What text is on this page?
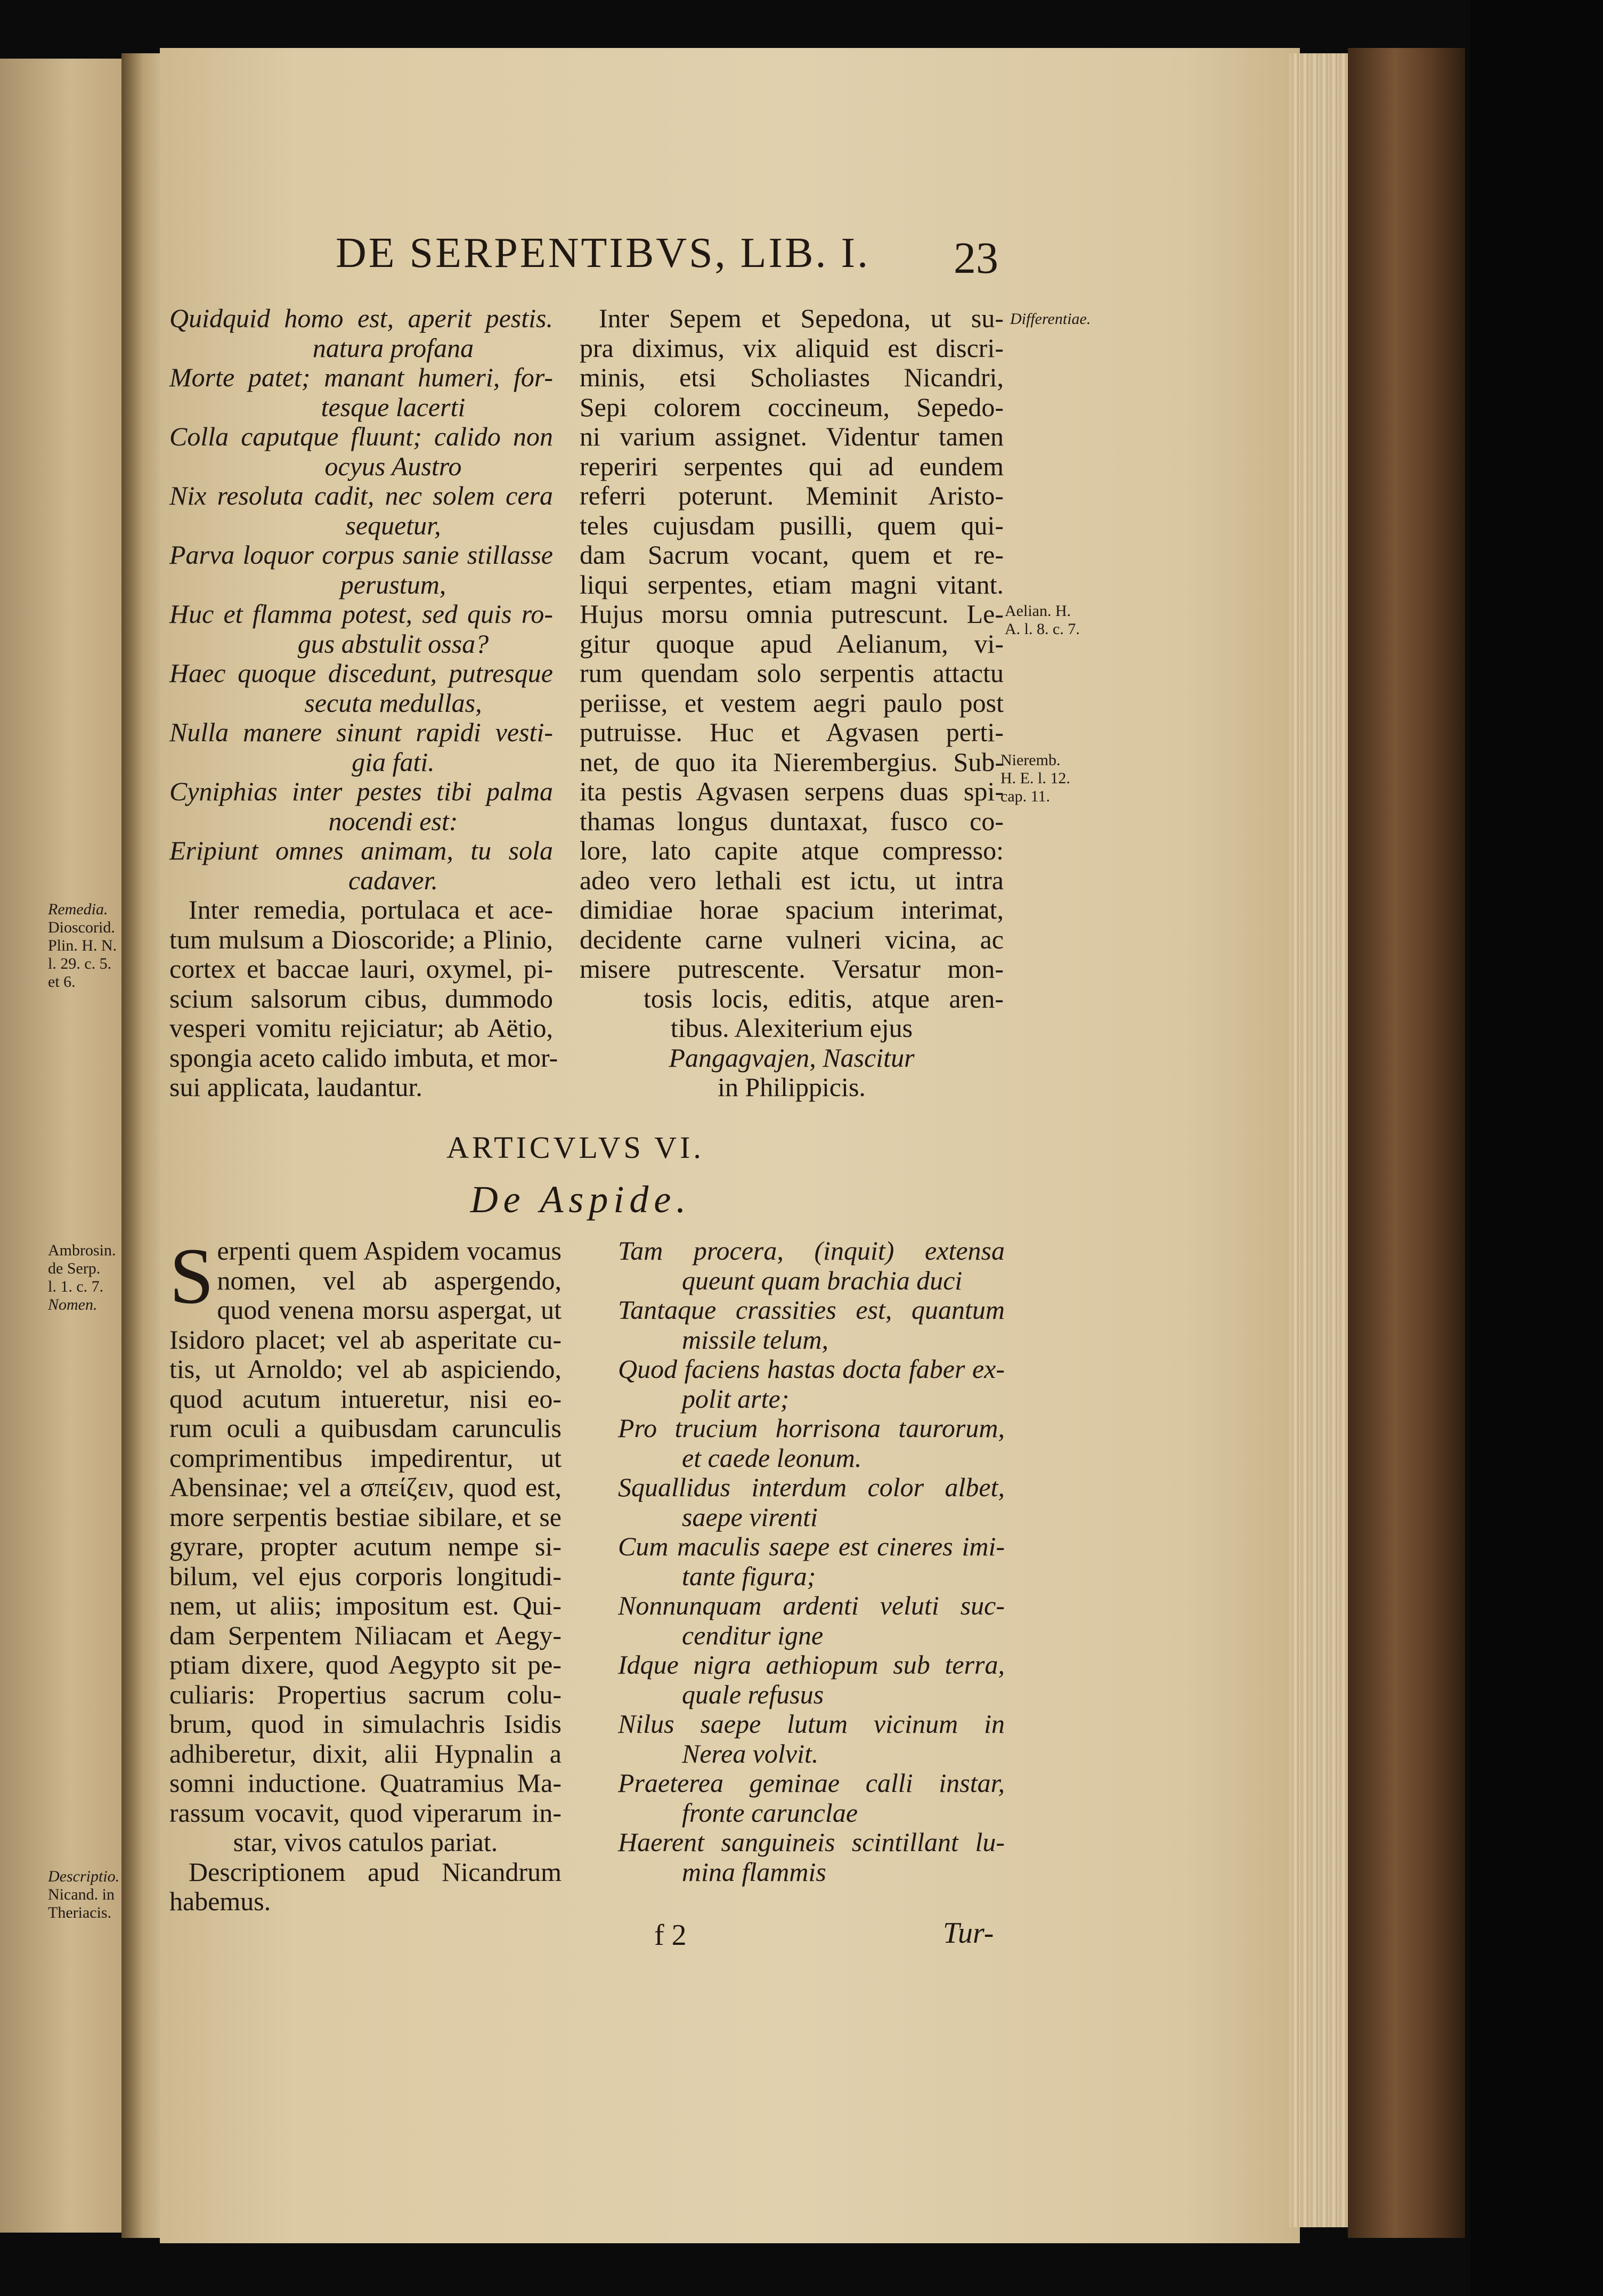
DE SERPENTIBVS, LIB. I. 23
Quidquid homo est, aperit pestis.
natura profana
Morte patet; manant humeri, for-
tesque lacerti
Colla caputque fluunt; calido non
ocyus Austro
Nix resoluta cadit, nec solem cera
sequetur,
Parva loquor corpus sanie stillasse
perustum,
Huc et flamma potest, sed quis ro-
gus abstulit ossa?
Haec quoque discedunt, putresque
secuta medullas,
Nulla manere sinunt rapidi vesti-
gia fati.
Cyniphias inter pestes tibi palma
nocendi est:
Eripiunt omnes animam, tu sola
cadaver.
Inter remedia, portulaca et ace-
tum mulsum a Dioscoride; a Plinio,
cortex et baccae lauri, oxymel, pi-
scium salsorum cibus, dummodo
vesperi vomitu rejiciatur; ab Aëtio,
spongia aceto calido imbuta, et mor-
sui applicata, laudantur.
Inter Sepem et Sepedona, ut su-
pra diximus, vix aliquid est discri-
minis, etsi Scholiastes Nicandri,
Sepi colorem coccineum, Sepedo-
ni varium assignet. Videntur tamen
reperiri serpentes qui ad eundem
referri poterunt. Meminit Aristo-
teles cujusdam pusilli, quem qui-
dam Sacrum vocant, quem et re-
liqui serpentes, etiam magni vitant.
Hujus morsu omnia putrescunt. Le-
gitur quoque apud Aelianum, vi-
rum quendam solo serpentis attactu
periisse, et vestem aegri paulo post
putruisse. Huc et Agvasen perti-
net, de quo ita Nierembergius. Sub-
ita pestis Agvasen serpens duas spi-
thamas longus duntaxat, fusco co-
lore, lato capite atque compresso:
adeo vero lethali est ictu, ut intra
dimidiae horae spacium interimat,
decidente carne vulneri vicina, ac
misere putrescente. Versatur mon-
tosis locis, editis, atque aren-
tibus. Alexiterium ejus
Pangagvajen, Nascitur
in Philippicis.
ARTICVLVS VI.
De Aspide.
S erpenti quem Aspidem vocamus
nomen, vel ab aspergendo,
quod venena morsu aspergat, ut
Isidoro placet; vel ab asperitate cu-
tis, ut Arnoldo; vel ab aspiciendo,
quod acutum intueretur, nisi eo-
rum oculi a quibusdam carunculis
comprimentibus impedirentur, ut
Abensinae; vel a σπείζειν, quod est,
more serpentis bestiae sibilare, et se
gyrare, propter acutum nempe si-
bilum, vel ejus corporis longitudi-
nem, ut aliis; impositum est. Qui-
dam Serpentem Niliacam et Aegy-
ptiam dixere, quod Aegypto sit pe-
culiaris: Propertius sacrum colu-
brum, quod in simulachris Isidis
adhiberetur, dixit, alii Hypnalin a
somni inductione. Quatramius Ma-
rassum vocavit, quod viperarum in-
star, vivos catulos pariat.
Descriptionem apud Nicandrum
habemus.
Tam procera, (inquit) extensa
queunt quam brachia duci
Tantaque crassities est, quantum
missile telum,
Quod faciens hastas docta faber ex-
polit arte;
Pro trucium horrisona taurorum,
et caede leonum.
Squallidus interdum color albet,
saepe virenti
Cum maculis saepe est cineres imi-
tante figura;
Nonnunquam ardenti veluti suc-
cenditur igne
Idque nigra aethiopum sub terra,
quale refusus
Nilus saepe lutum vicinum in
Nerea volvit.
Praeterea geminae calli instar,
fronte carunclae
Haerent sanguineis scintillant lu-
mina flammis
f 2	Tur-
Differentiae.
Aelian. H.
A. l. 8. c. 7.
Nieremb.
H. E. l. 12.
cap. 11.
Remedia.
Dioscorid.
Plin. H. N.
l. 29. c. 5.
et 6.
Ambrosin.
de Serp.
l. 1. c. 7.
Nomen.
Descriptio.
Nicand. in
Theriacis.
